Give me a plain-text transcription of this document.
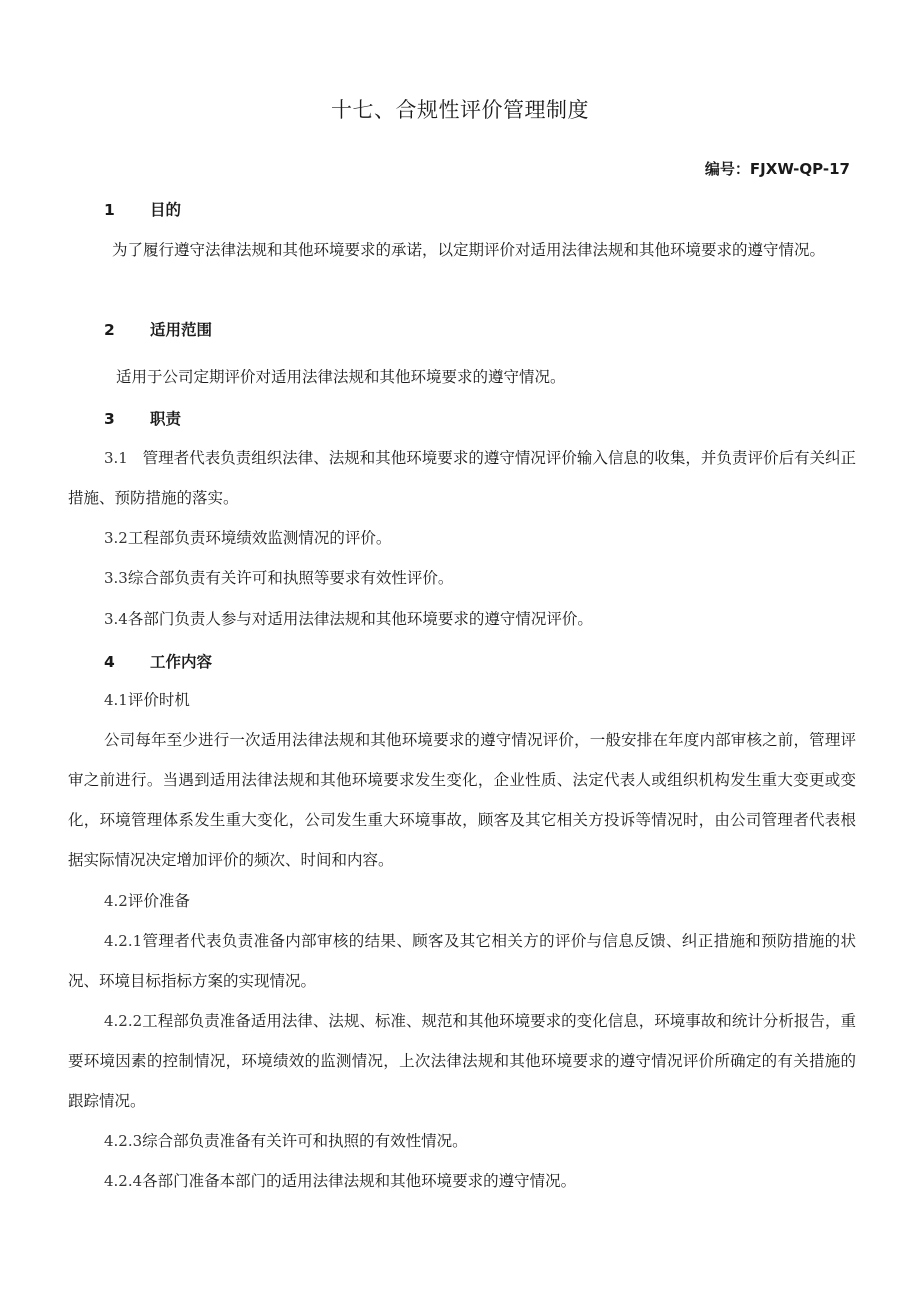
十七、合规性评价管理制度
编号：FJXW-QP-17
1 目的
为了履行遵守法律法规和其他环境要求的承诺，以定期评价对适用法律法规和其他环境要求的遵守情况。
2 适用范围
适用于公司定期评价对适用法律法规和其他环境要求的遵守情况。
3 职责
3.1 管理者代表负责组织法律、法规和其他环境要求的遵守情况评价输入信息的收集，并负责评价后有关纠正措施、预防措施的落实。
3.2工程部负责环境绩效监测情况的评价。
3.3综合部负责有关许可和执照等要求有效性评价。
3.4各部门负责人参与对适用法律法规和其他环境要求的遵守情况评价。
4 工作内容
4.1评价时机
公司每年至少进行一次适用法律法规和其他环境要求的遵守情况评价，一般安排在年度内部审核之前，管理评审之前进行。当遇到适用法律法规和其他环境要求发生变化，企业性质、法定代表人或组织机构发生重大变更或变化，环境管理体系发生重大变化，公司发生重大环境事故，顾客及其它相关方投诉等情况时，由公司管理者代表根据实际情况决定增加评价的频次、时间和内容。
4.2评价准备
4.2.1管理者代表负责准备内部审核的结果、顾客及其它相关方的评价与信息反馈、纠正措施和预防措施的状况、环境目标指标方案的实现情况。
4.2.2工程部负责准备适用法律、法规、标准、规范和其他环境要求的变化信息，环境事故和统计分析报告，重要环境因素的控制情况，环境绩效的监测情况，上次法律法规和其他环境要求的遵守情况评价所确定的有关措施的跟踪情况。
4.2.3综合部负责准备有关许可和执照的有效性情况。
4.2.4各部门准备本部门的适用法律法规和其他环境要求的遵守情况。
